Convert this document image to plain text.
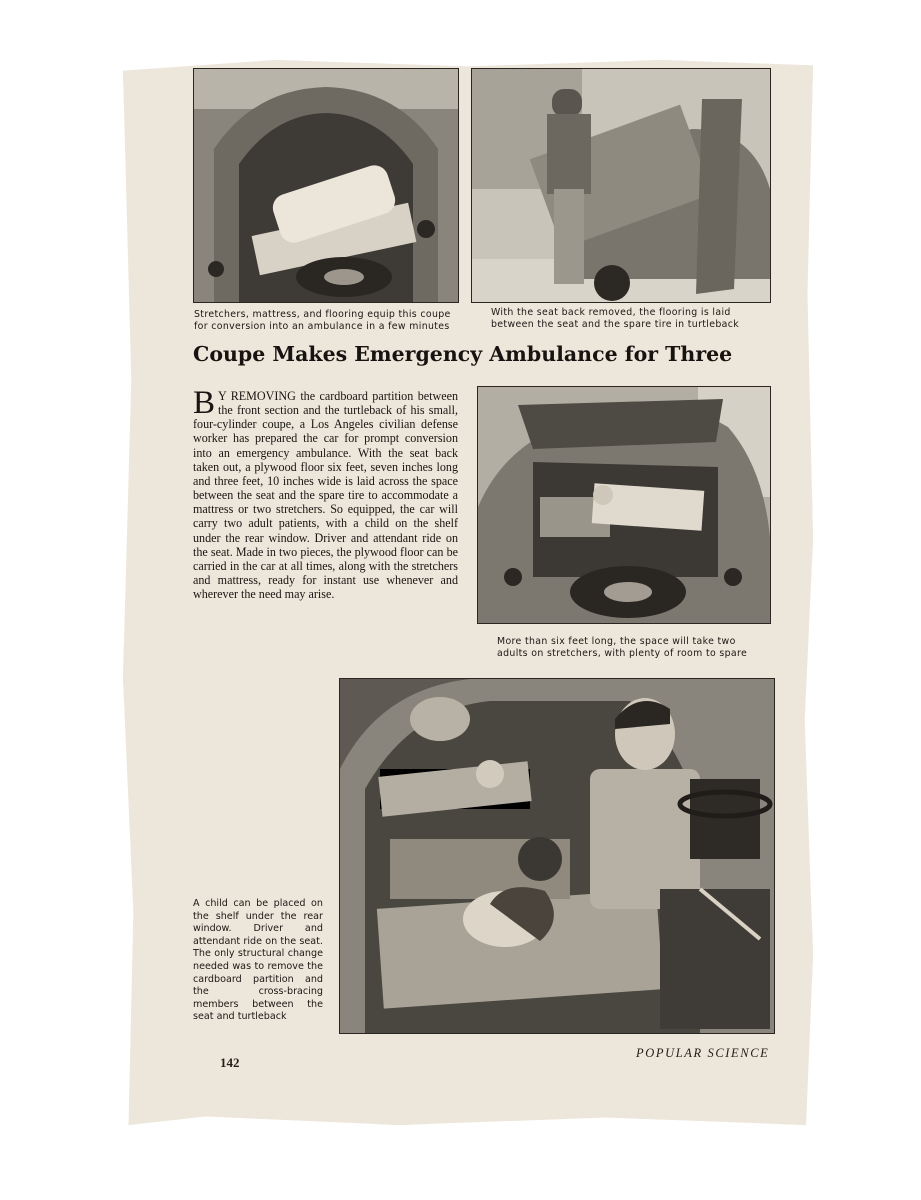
Stretchers, mattress, and flooring equip this coupe
for conversion into an ambulance in a few minutes

With the seat back removed, the flooring is laid
between the seat and the spare tire in turtleback

Coupe Makes Emergency Ambulance for Three

B Y REMOVING the cardboard partition between the front section and the turtleback of his small, four-cylinder coupe, a Los Angeles civilian defense worker has prepared the car for prompt conversion into an emergency ambulance. With the seat back taken out, a plywood floor six feet, seven inches long and three feet, 10 inches wide is laid across the space between the seat and the spare tire to accommodate a mattress or two stretchers. So equipped, the car will carry two adult patients, with a child on the shelf under the rear window. Driver and attendant ride on the seat. Made in two pieces, the plywood floor can be carried in the car at all times, along with the stretchers and mattress, ready for instant use whenever and wherever the need may arise.

More than six feet long, the space will take two
adults on stretchers, with plenty of room to spare

A child can be placed on the shelf under the rear window. Driver and attendant ride on the seat. The only structural change needed was to remove the cardboard partition and the cross-bracing members between the seat and turtleback

142
POPULAR SCIENCE
